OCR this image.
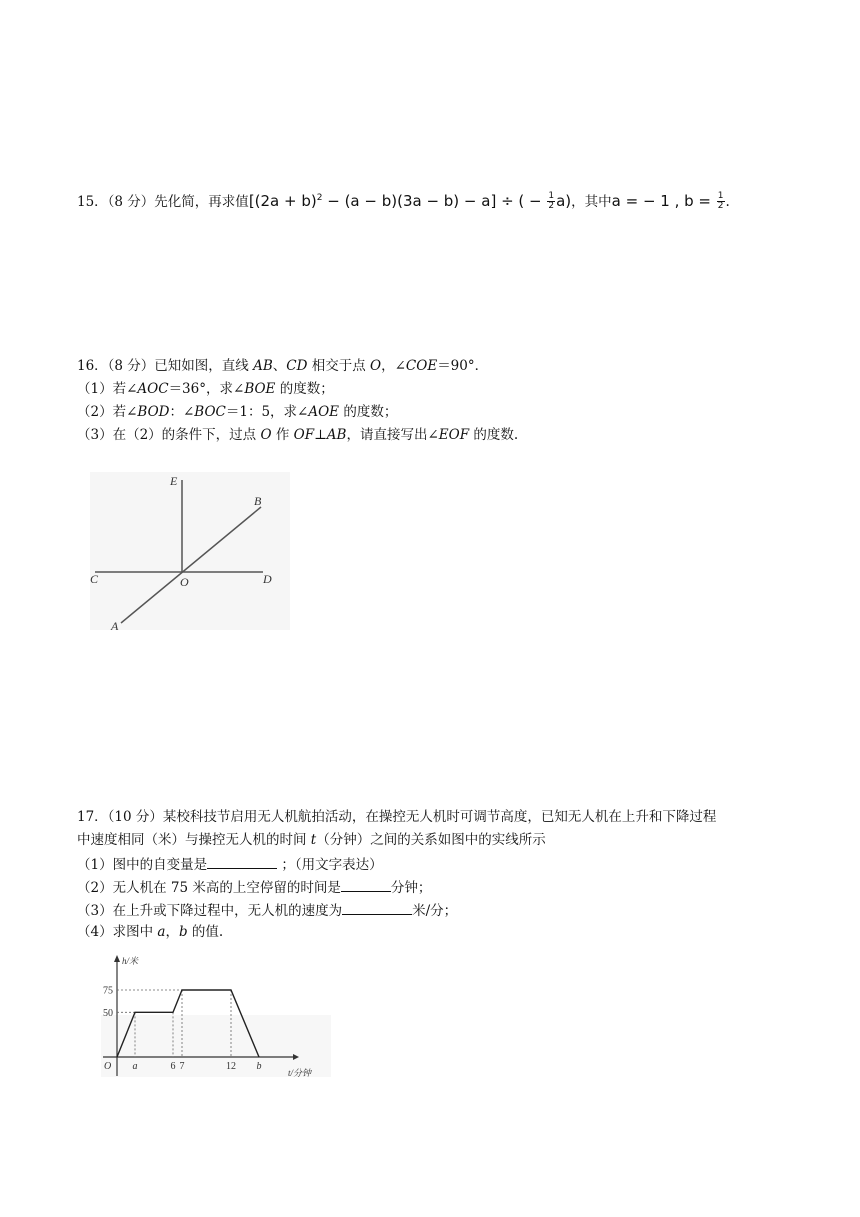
15．（8 分）先化简，再求值$[(2a + b)^2 - (a - b)(3a - b) - a]$ ÷ ( − $\frac{1}{2} a$)，其中a = − 1 , $b = \frac{1}{2}$ .
16．（8 分）已知如图，直线 AB、CD 相交于点 O，∠COE＝90°．
（1）若∠AOC＝36°，求∠BOE 的度数；
（2）若∠BOD：∠BOC＝1：5，求∠AOE 的度数；
（3）在（2）的条件下，过点 O 作 OF⊥AB，请直接写出∠EOF 的度数.
E
B
C	O	D
A
17．（10 分）某校科技节启用无人机航拍活动，在操控无人机时可调节高度，已知无人机在上升和下降过程
中速度相同（米）与操控无人机的时间 t（分钟）之间的关系如图中的实线所示
（1）图中的自变量是	；（用文字表达）
（2）无人机在 75 米高的上空停留的时间是	分钟；
（3）在上升或下降过程中，无人机的速度为	米/分；
（4）求图中 a，b 的值.
h/米
t/分钟
O
50
75
a	6 7	12 b
